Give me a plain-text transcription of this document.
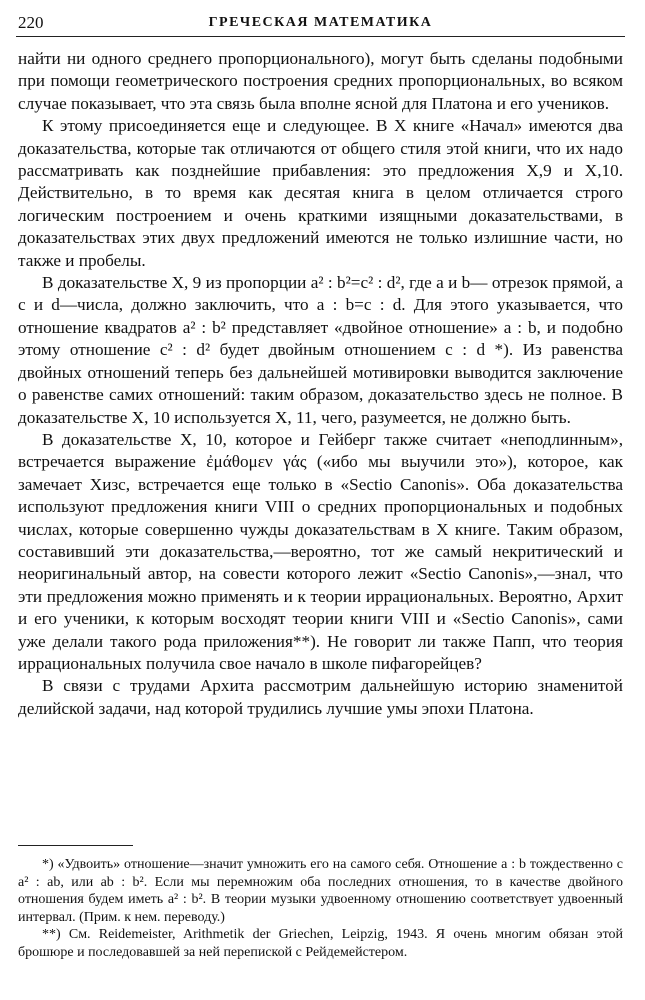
220	ГРЕЧЕСКАЯ МАТЕМАТИКА

найти ни одного среднего пропорционального), могут быть сделаны подобными при помощи геометрического построения средних пропорциональных, во всяком случае показывает, что эта связь была вполне ясной для Платона и его учеников.

К этому присоединяется еще и следующее. В X книге «Начал» имеются два доказательства, которые так отличаются от общего стиля этой книги, что их надо рассматривать как позднейшие прибавления: это предложения X,9 и X,10. Действительно, в то время как десятая книга в целом отличается строго логическим построением и очень краткими изящными доказательствами, в доказательствах этих двух предложений имеются не только излишние части, но также и пробелы.

В доказательстве X, 9 из пропорции a² : b²=c² : d², где a и b— отрезок прямой, а c и d—числа, должно заключить, что a : b=c : d. Для этого указывается, что отношение квадратов a² : b² представляет «двойное отношение» a : b, и подобно этому отношение c² : d² будет двойным отношением c : d *). Из равенства двойных отношений теперь без дальнейшей мотивировки выводится заключение о равенстве самих отношений: таким образом, доказательство здесь не полное. В доказательстве X, 10 используется X, 11, чего, разумеется, не должно быть.

В доказательстве X, 10, которое и Гейберг также считает «неподлинным», встречается выражение ἐμάθομεν γάς («ибо мы выучили это»), которое, как замечает Хизс, встречается еще только в «Sectio Canonis». Оба доказательства используют предложения книги VIII о средних пропорциональных и подобных числах, которые совершенно чужды доказательствам в X книге. Таким образом, составивший эти доказательства,—вероятно, тот же самый некритический и неоригинальный автор, на совести которого лежит «Sectio Canonis»,—знал, что эти предложения можно применять и к теории иррациональных. Вероятно, Архит и его ученики, к которым восходят теории книги VIII и «Sectio Canonis», сами уже делали такого рода приложения**). Не говорит ли также Папп, что теория иррациональных получила свое начало в школе пифагорейцев?

В связи с трудами Архита рассмотрим дальнейшую историю знаменитой делийской задачи, над которой трудились лучшие умы эпохи Платона.

*) «Удвоить» отношение—значит умножить его на самого себя. Отношение a : b тождественно с a² : ab, или ab : b². Если мы перемножим оба последних отношения, то в качестве двойного отношения будем иметь a² : b². В теории музыки удвоенному отношению соответствует удвоенный интервал. (Прим. к нем. переводу.)

**) См. Reidemeister, Arithmetik der Griechen, Leipzig, 1943. Я очень многим обязан этой брошюре и последовавшей за ней перепиской с Рейдемейстером.
